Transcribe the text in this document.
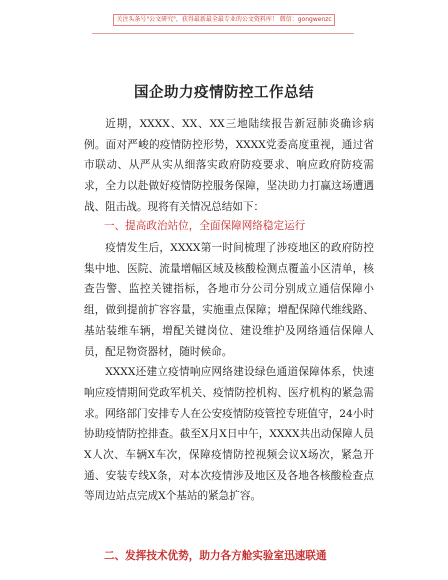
关注头条号"公文研究"，获得最新最全最专业的公文资料库！ 微信：gongwenzc
国企助力疫情防控工作总结

近期，XXXX、XX、XX三地陆续报告新冠肺炎确诊病例。面对严峻的疫情防控形势，XXXX党委高度重视，通过省市联动、从严从实从细落实政府防疫要求、响应政府防疫需求，全力以赴做好疫情防控服务保障，坚决助力打赢这场遭遇战、阻击战。现将有关情况总结如下：

一、提高政治站位，全面保障网络稳定运行

疫情发生后，XXXX第一时间梳理了涉疫地区的政府防控集中地、医院、流量增幅区域及核酸检测点覆盖小区清单，核查告警、监控关键指标，各地市分公司分别成立通信保障小组，做到提前扩容容量，实施重点保障；增配保障代维线路、基站装维车辆，增配关键岗位、建设维护及网络通信保障人员，配足物资器材，随时候命。

XXXX还建立疫情响应网络建设绿色通道保障体系，快速响应疫情期间党政军机关、疫情防控机构、医疗机构的紧急需求。网络部门安排专人在公安疫情防疫管控专班值守，24小时协助疫情防控排查。截至X月X日中午，XXXX共出动保障人员X人次、车辆X车次，保障疫情防控视频会议X场次，紧急开通、安装专线X条，对本次疫情涉及地区及各地各核酸检查点等周边站点完成X个基站的紧急扩容。

二、发挥技术优势，助力各方舱实验室迅速联通
